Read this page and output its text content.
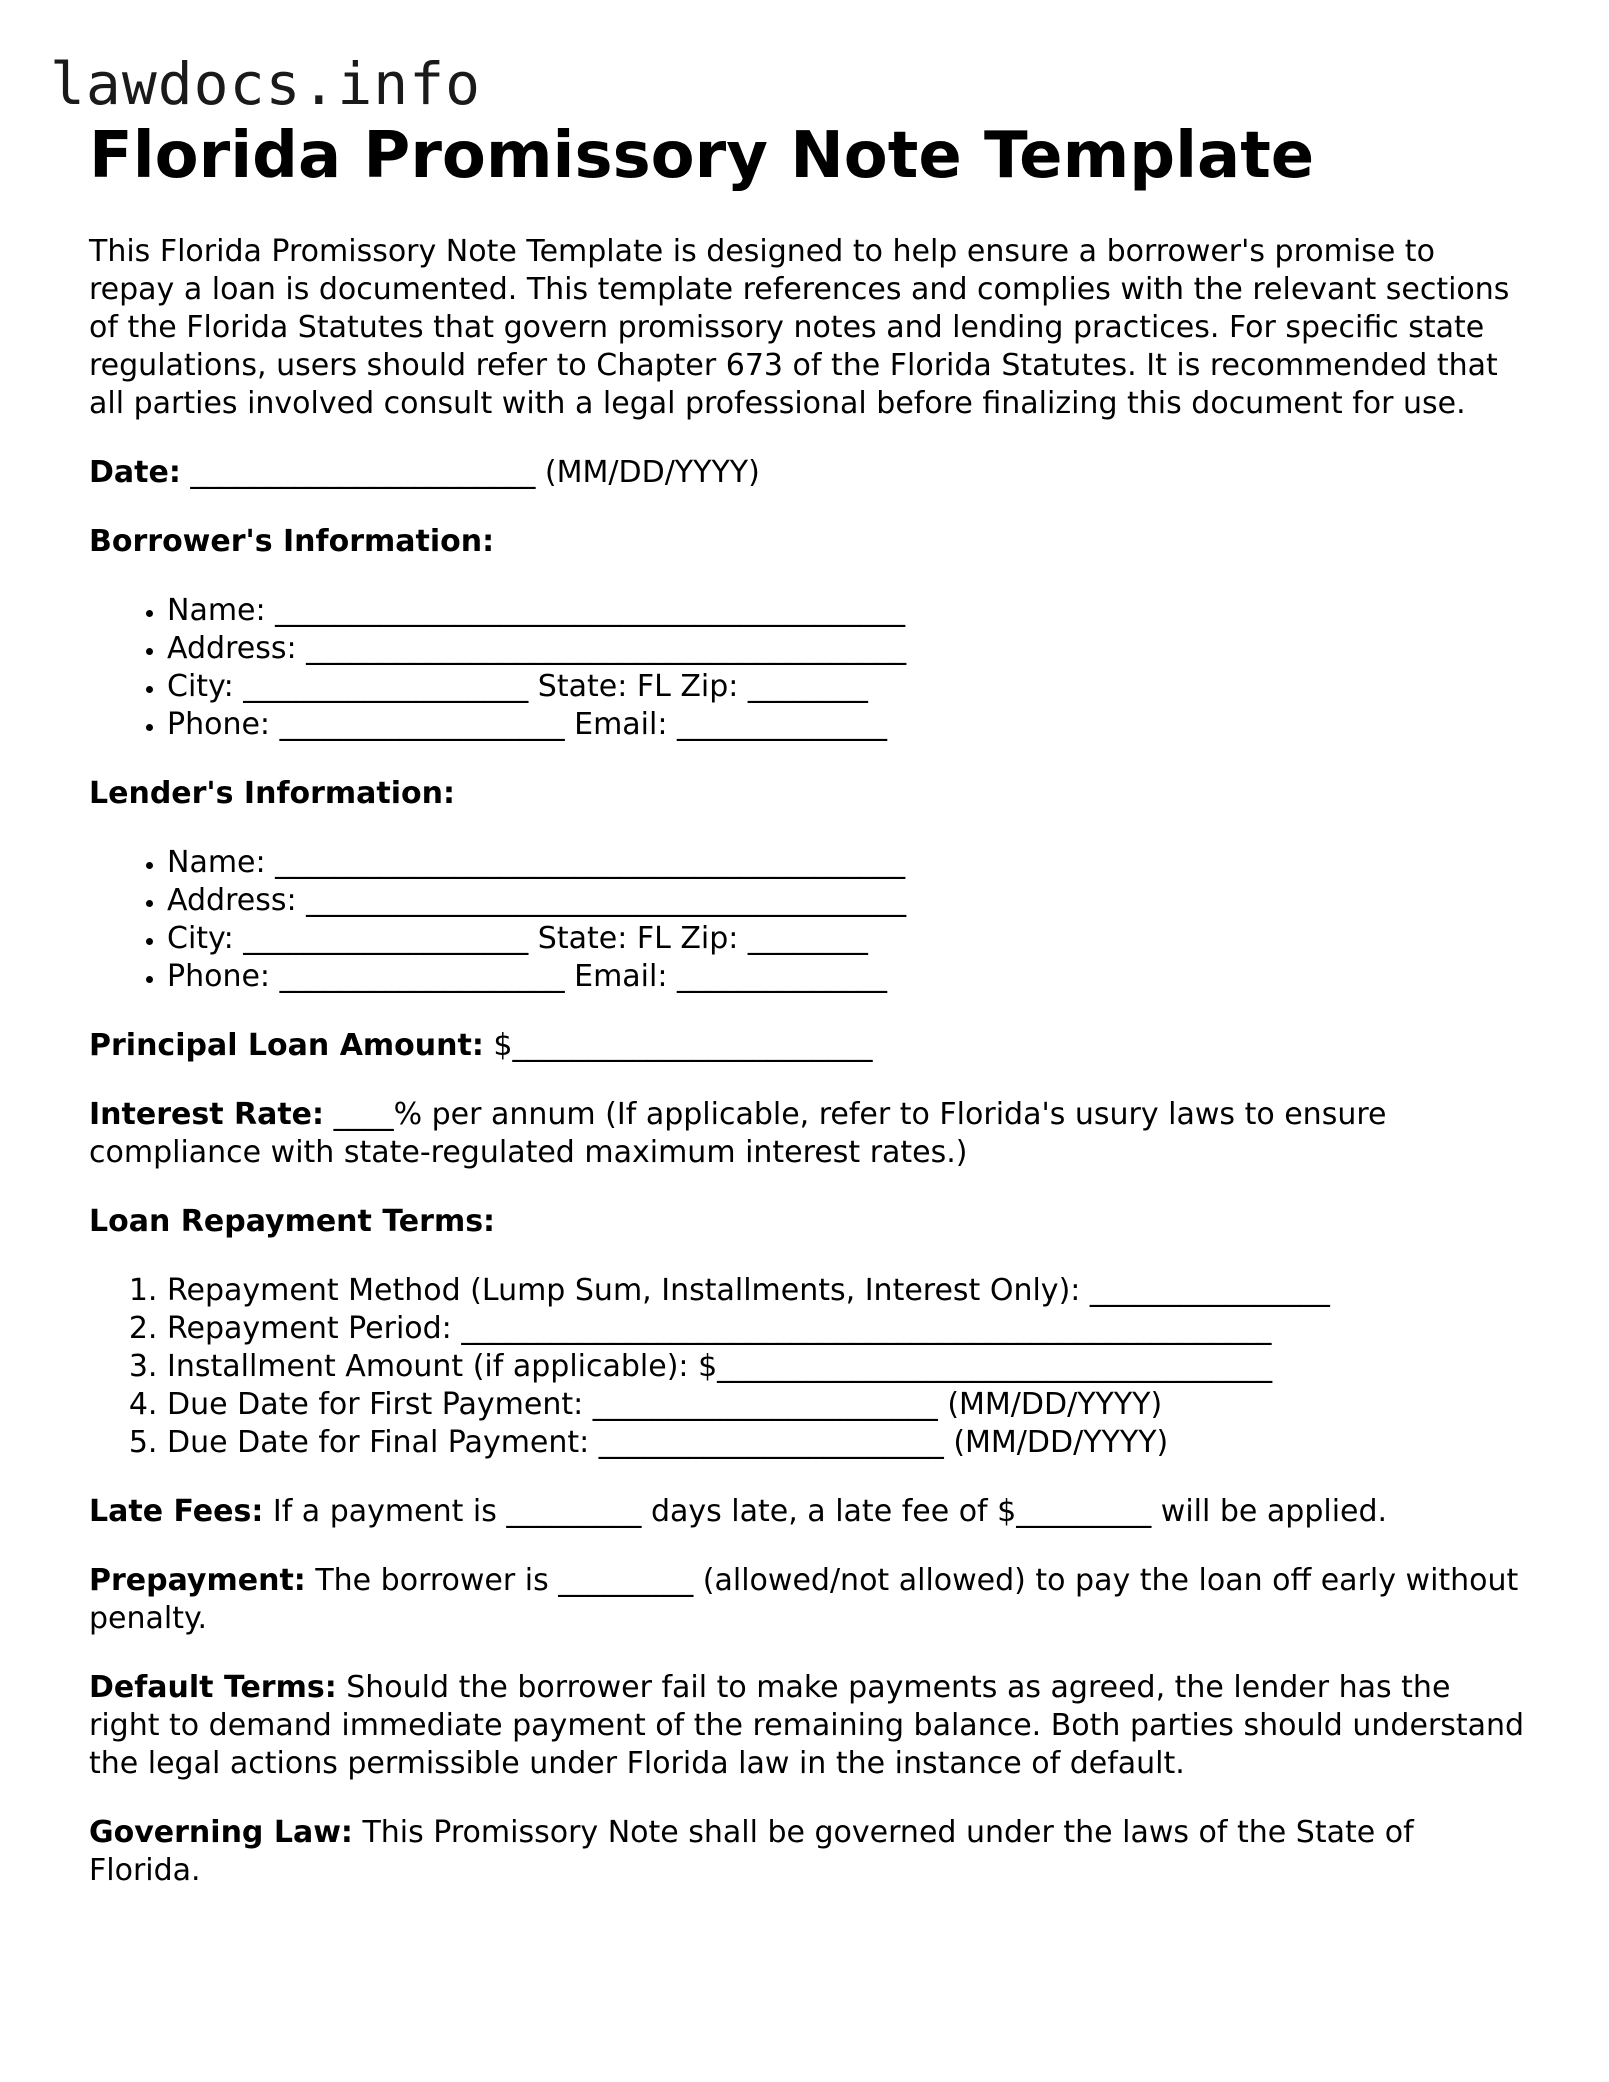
lawdocs.info
Florida Promissory Note Template

This Florida Promissory Note Template is designed to help ensure a borrower's promise to repay a loan is documented. This template references and complies with the relevant sections of the Florida Statutes that govern promissory notes and lending practices. For specific state regulations, users should refer to Chapter 673 of the Florida Statutes. It is recommended that all parties involved consult with a legal professional before finalizing this document for use.

Date: _______________________ (MM/DD/YYYY)

Borrower's Information:

• Name: __________________________________________
• Address: ________________________________________
• City: ___________________ State: FL Zip: ________
• Phone: ___________________ Email: ______________

Lender's Information:

• Name: __________________________________________
• Address: ________________________________________
• City: ___________________ State: FL Zip: ________
• Phone: ___________________ Email: ______________

Principal Loan Amount: $________________________

Interest Rate: ____% per annum (If applicable, refer to Florida's usury laws to ensure compliance with state-regulated maximum interest rates.)

Loan Repayment Terms:

1. Repayment Method (Lump Sum, Installments, Interest Only): ________________
2. Repayment Period: ______________________________________________________
3. Installment Amount (if applicable): $_____________________________________
4. Due Date for First Payment: _______________________ (MM/DD/YYYY)
5. Due Date for Final Payment: _______________________ (MM/DD/YYYY)

Late Fees: If a payment is _________ days late, a late fee of $_________ will be applied.

Prepayment: The borrower is _________ (allowed/not allowed) to pay the loan off early without penalty.

Default Terms: Should the borrower fail to make payments as agreed, the lender has the right to demand immediate payment of the remaining balance. Both parties should understand the legal actions permissible under Florida law in the instance of default.

Governing Law: This Promissory Note shall be governed under the laws of the State of Florida.
